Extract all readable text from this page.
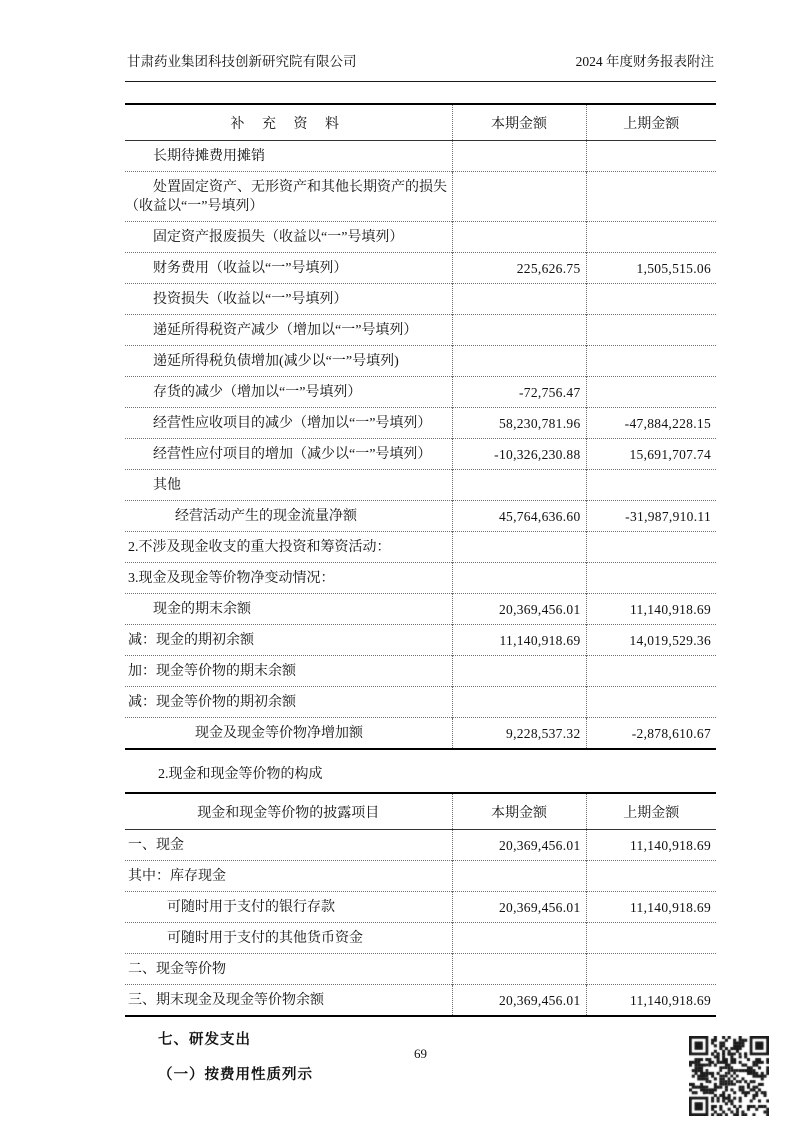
甘肃药业集团科技创新研究院有限公司	2024 年度财务报表附注
补 充 资 料	本期金额	上期金额

长期待摊费用摊销		

处置固定资产、无形资产和其他长期资产的损失（收益以“一”号填列）		

固定资产报废损失（收益以“一”号填列）		

财务费用（收益以“一”号填列）	225,626.75	1,505,515.06

投资损失（收益以“一”号填列）		

递延所得税资产减少（增加以“一”号填列）		

递延所得税负债增加(减少以“一”号填列)		

存货的减少（增加以“一”号填列）	-72,756.47	

经营性应收项目的减少（增加以“一”号填列）	58,230,781.96	-47,884,228.15

经营性应付项目的增加（减少以“一”号填列）	-10,326,230.88	15,691,707.74

其他		

经营活动产生的现金流量净额	45,764,636.60	-31,987,910.11

2.不涉及现金收支的重大投资和筹资活动：		

3.现金及现金等价物净变动情况：		

现金的期末余额	20,369,456.01	11,140,918.69

减：现金的期初余额	11,140,918.69	14,019,529.36

加：现金等价物的期末余额		

减：现金等价物的期初余额		

现金及现金等价物净增加额	9,228,537.32	-2,878,610.67
2.现金和现金等价物的构成
现金和现金等价物的披露项目	本期金额	上期金额

一、现金	20,369,456.01	11,140,918.69

其中：库存现金		

可随时用于支付的银行存款	20,369,456.01	11,140,918.69

可随时用于支付的其他货币资金		

二、现金等价物		

三、期末现金及现金等价物余额	20,369,456.01	11,140,918.69
七、研发支出
（一）按费用性质列示
69
